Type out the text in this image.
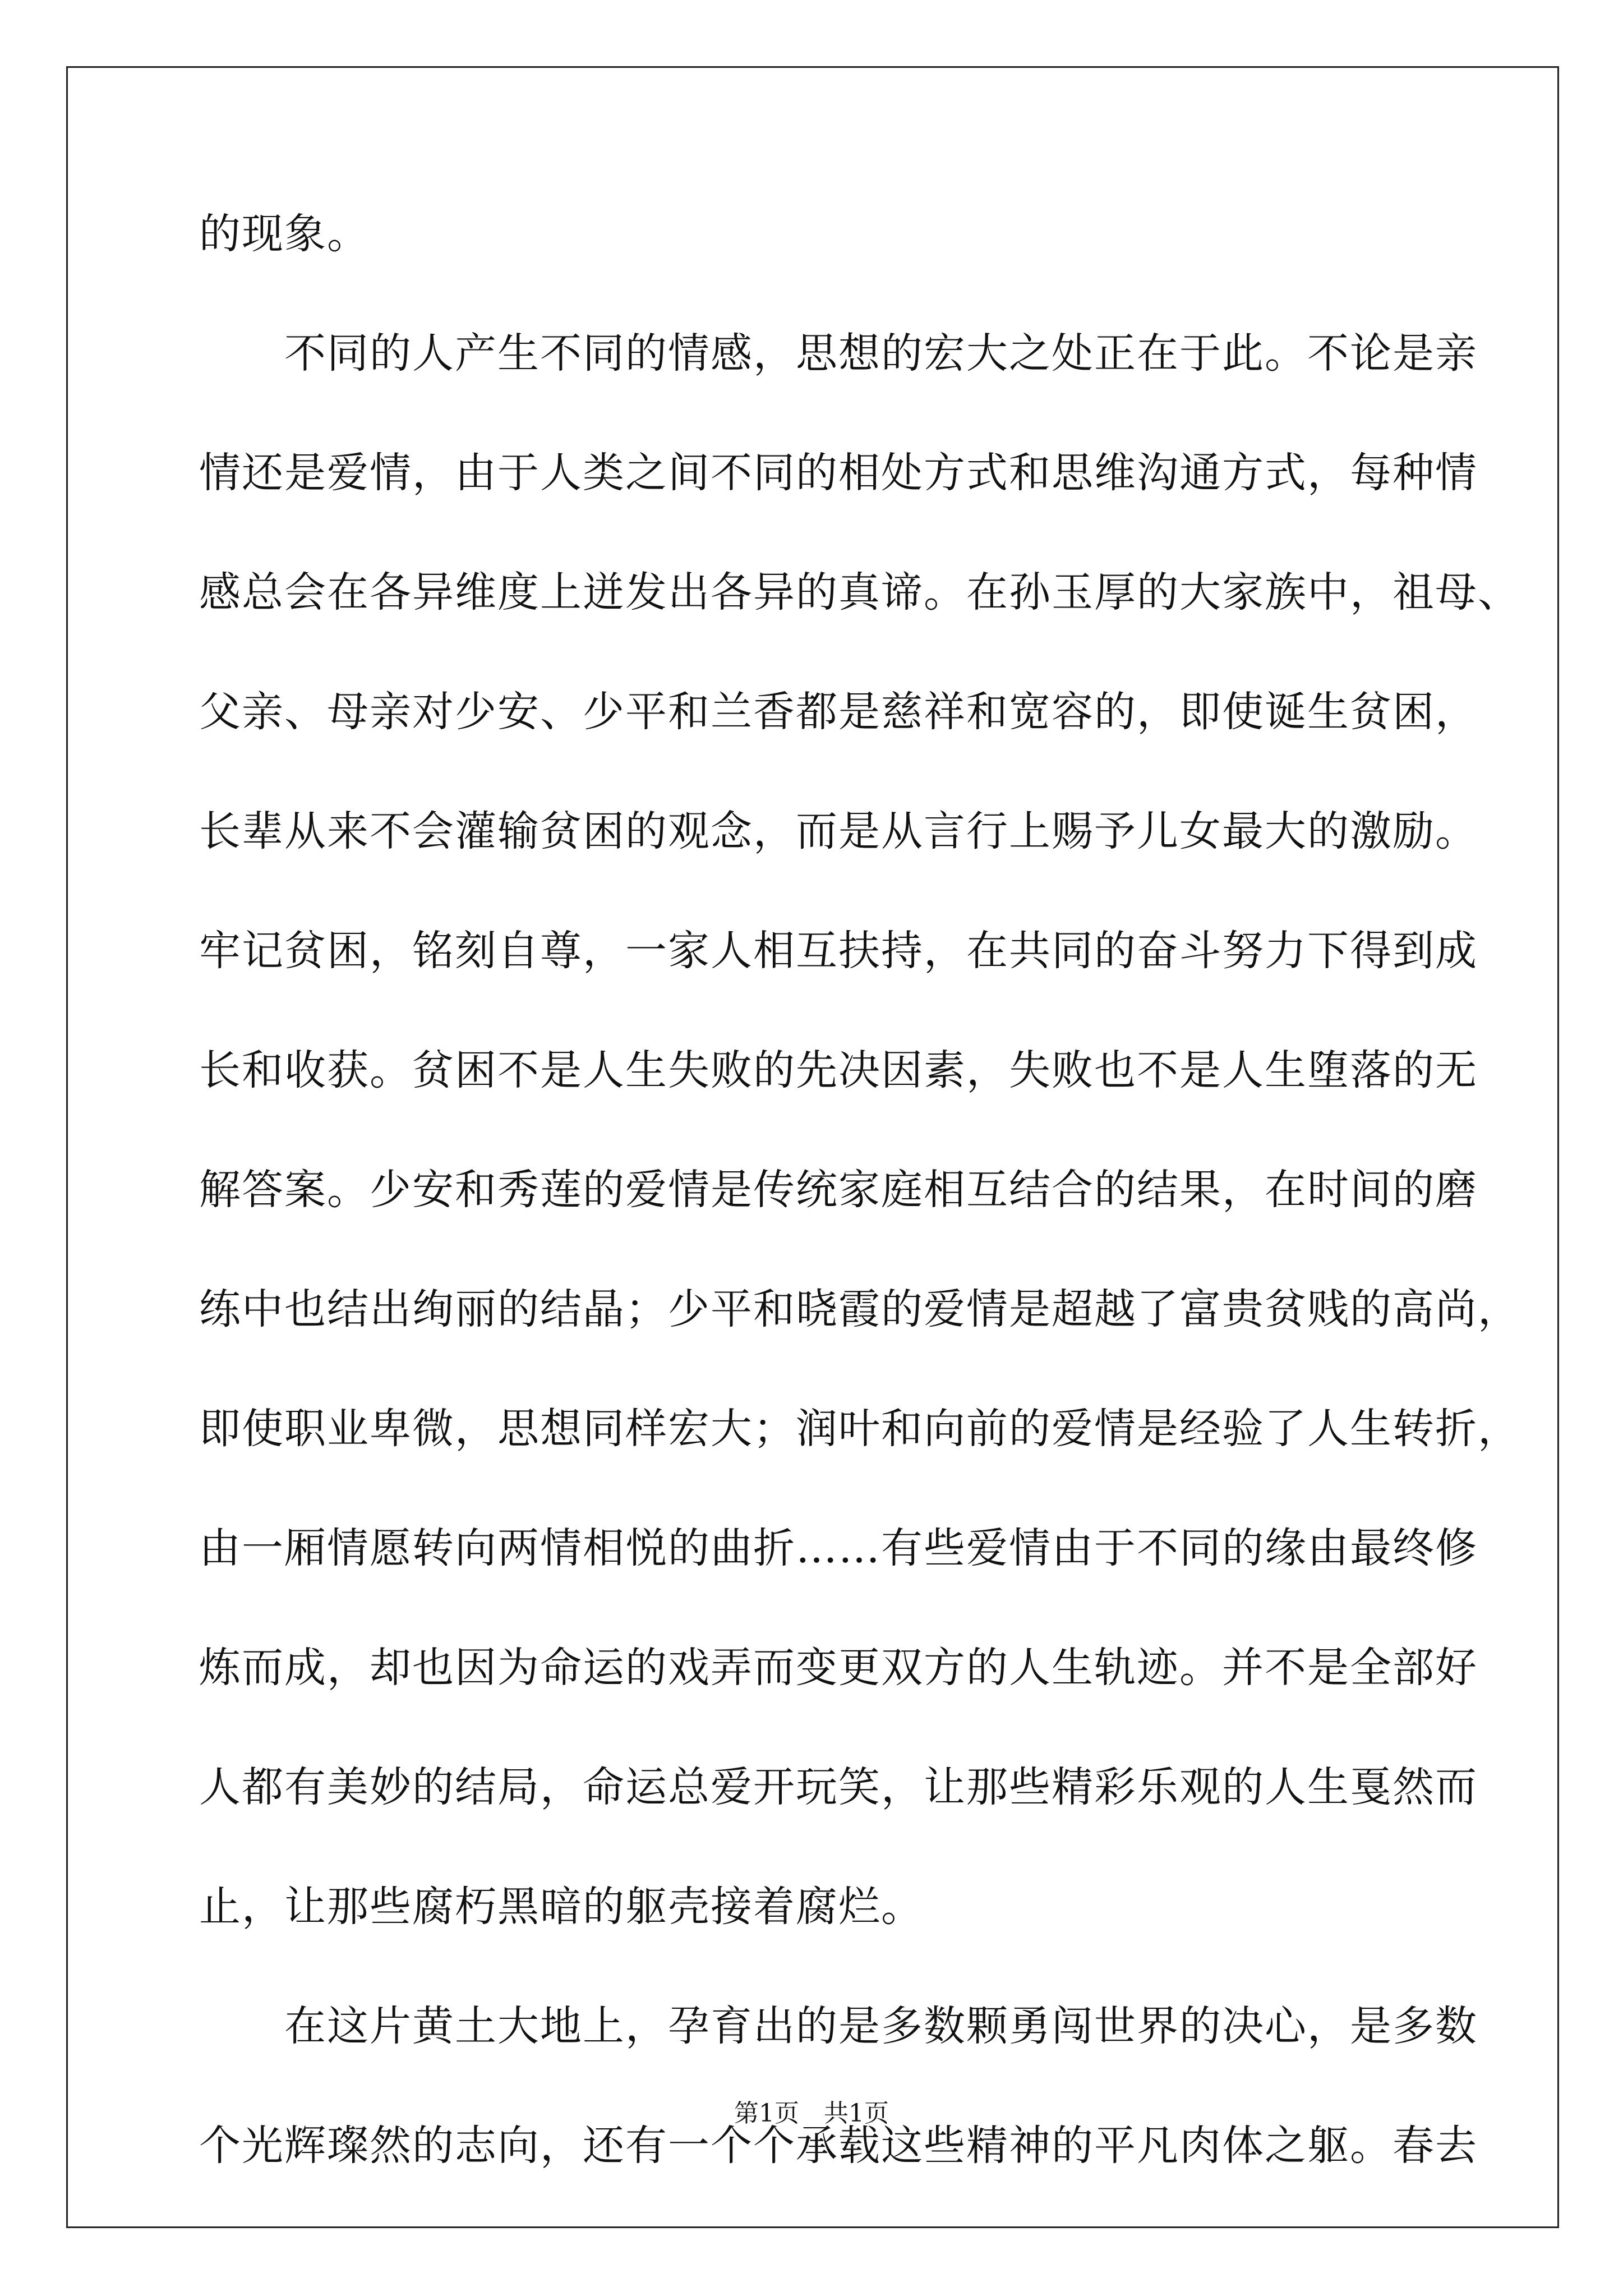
的现象。
　　不同的人产生不同的情感，思想的宏大之处正在于此。不论是亲
情还是爱情，由于人类之间不同的相处方式和思维沟通方式，每种情
感总会在各异维度上迸发出各异的真谛。在孙玉厚的大家族中，祖母、
父亲、母亲对少安、少平和兰香都是慈祥和宽容的，即使诞生贫困，
长辈从来不会灌输贫困的观念，而是从言行上赐予儿女最大的激励。
牢记贫困，铭刻自尊，一家人相互扶持，在共同的奋斗努力下得到成
长和收获。贫困不是人生失败的先决因素，失败也不是人生堕落的无
解答案。少安和秀莲的爱情是传统家庭相互结合的结果，在时间的磨
练中也结出绚丽的结晶；少平和晓霞的爱情是超越了富贵贫贱的高尚，
即使职业卑微，思想同样宏大；润叶和向前的爱情是经验了人生转折，
由一厢情愿转向两情相悦的曲折……有些爱情由于不同的缘由最终修
炼而成，却也因为命运的戏弄而变更双方的人生轨迹。并不是全部好
人都有美妙的结局，命运总爱开玩笑，让那些精彩乐观的人生戛然而
止，让那些腐朽黑暗的躯壳接着腐烂。
　　在这片黄土大地上，孕育出的是多数颗勇闯世界的决心，是多数
个光辉璨然的志向，还有一个个承载这些精神的平凡肉体之躯。春去
第1页　共1页
